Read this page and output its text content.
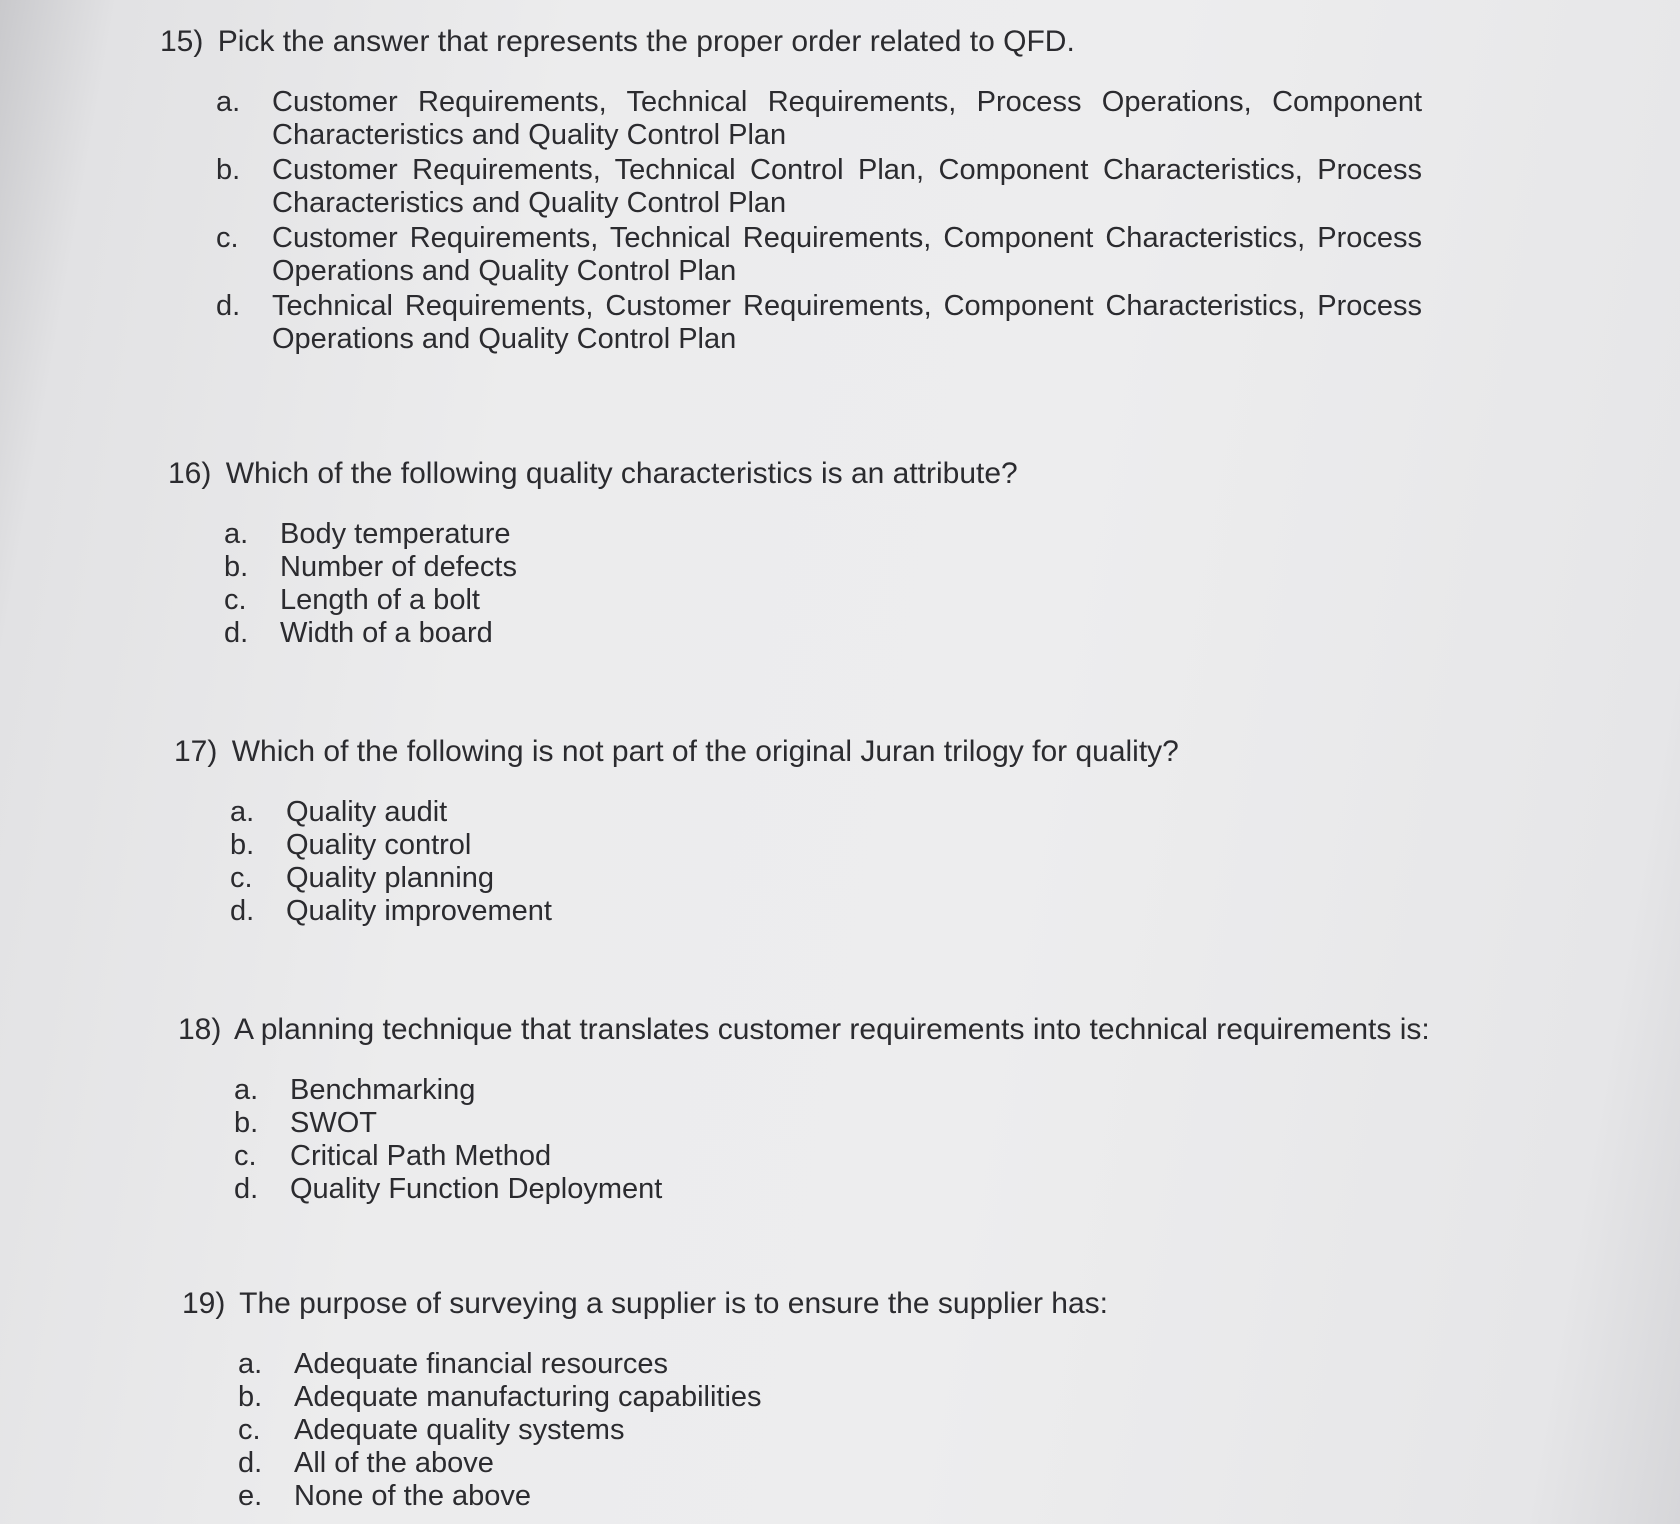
15) Pick the answer that represents the proper order related to QFD.

a. Customer Requirements, Technical Requirements, Process Operations, Component Characteristics and Quality Control Plan
b. Customer Requirements, Technical Control Plan, Component Characteristics, Process Characteristics and Quality Control Plan
c. Customer Requirements, Technical Requirements, Component Characteristics, Process Operations and Quality Control Plan
d. Technical Requirements, Customer Requirements, Component Characteristics, Process Operations and Quality Control Plan

16) Which of the following quality characteristics is an attribute?

a. Body temperature
b. Number of defects
c. Length of a bolt
d. Width of a board

17) Which of the following is not part of the original Juran trilogy for quality?

a. Quality audit
b. Quality control
c. Quality planning
d. Quality improvement

18) A planning technique that translates customer requirements into technical requirements is:

a. Benchmarking
b. SWOT
c. Critical Path Method
d. Quality Function Deployment

19) The purpose of surveying a supplier is to ensure the supplier has:

a. Adequate financial resources
b. Adequate manufacturing capabilities
c. Adequate quality systems
d. All of the above
e. None of the above
